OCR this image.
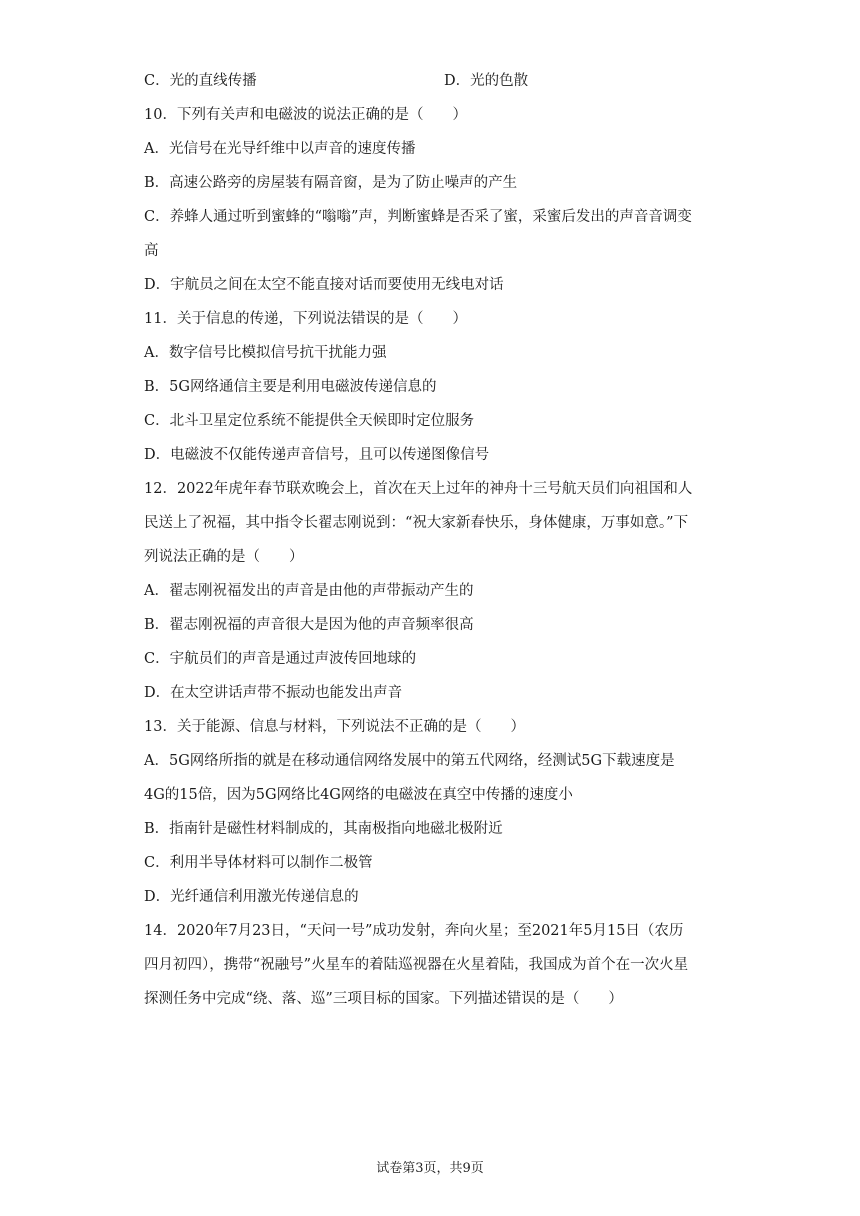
C．光的直线传播	D．光的色散
10．下列有关声和电磁波的说法正确的是（　　）
A．光信号在光导纤维中以声音的速度传播
B．高速公路旁的房屋装有隔音窗，是为了防止噪声的产生
C．养蜂人通过听到蜜蜂的“嗡嗡”声，判断蜜蜂是否采了蜜，采蜜后发出的声音音调变
高
D．宇航员之间在太空不能直接对话而要使用无线电对话
11．关于信息的传递，下列说法错误的是（　　）
A．数字信号比模拟信号抗干扰能力强
B．5G网络通信主要是利用电磁波传递信息的
C．北斗卫星定位系统不能提供全天候即时定位服务
D．电磁波不仅能传递声音信号，且可以传递图像信号
12．2022年虎年春节联欢晚会上，首次在天上过年的神舟十三号航天员们向祖国和人
民送上了祝福，其中指令长翟志刚说到：“祝大家新春快乐，身体健康，万事如意。”下
列说法正确的是（　　）
A．翟志刚祝福发出的声音是由他的声带振动产生的
B．翟志刚祝福的声音很大是因为他的声音频率很高
C．宇航员们的声音是通过声波传回地球的
D．在太空讲话声带不振动也能发出声音
13．关于能源、信息与材料，下列说法不正确的是（　　）
A．5G网络所指的就是在移动通信网络发展中的第五代网络，经测试5G下载速度是
4G的15倍，因为5G网络比4G网络的电磁波在真空中传播的速度小
B．指南针是磁性材料制成的，其南极指向地磁北极附近
C．利用半导体材料可以制作二极管
D．光纤通信利用激光传递信息的
14．2020年7月23日，“天问一号”成功发射，奔向火星；至2021年5月15日（农历
四月初四），携带“祝融号”火星车的着陆巡视器在火星着陆，我国成为首个在一次火星
探测任务中完成“绕、落、巡”三项目标的国家。下列描述错误的是（　　）
试卷第3页，共9页
